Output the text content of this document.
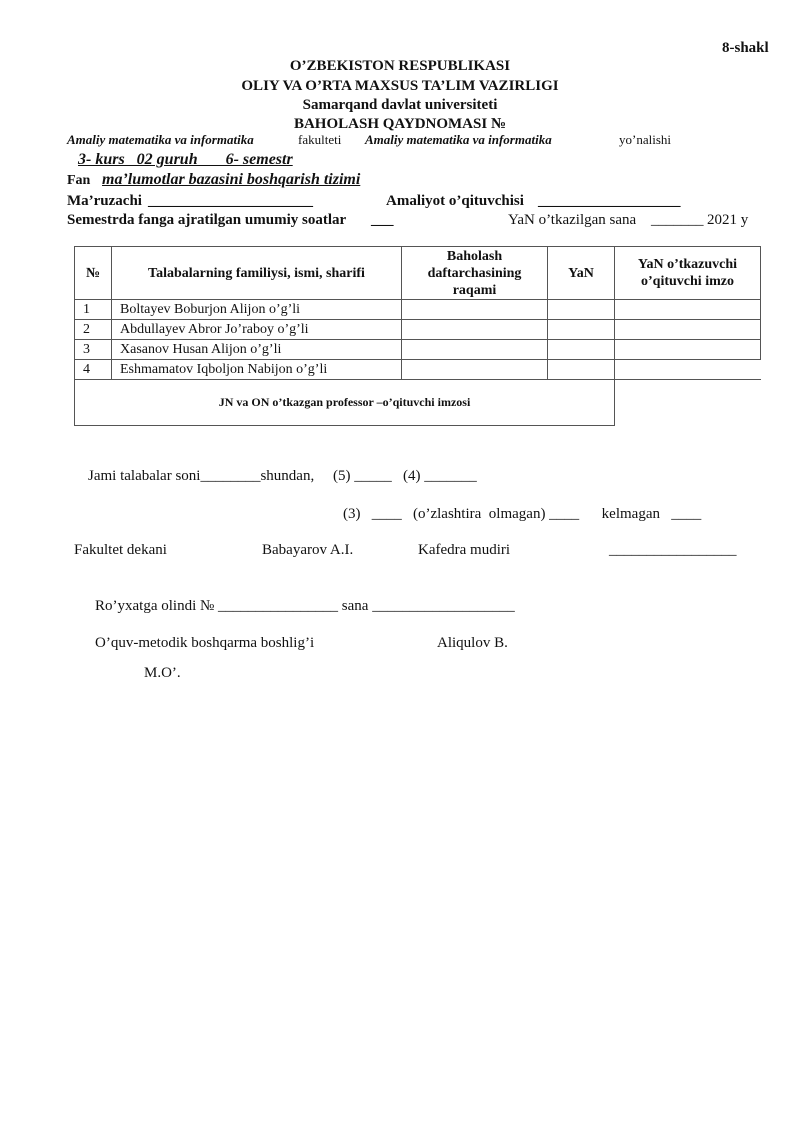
8-shakl
O’ZBEKISTON RESPUBLIKASI
OLIY VA O’RTA MAXSUS TA’LIM VAZIRLIGI
Samarqand davlat universiteti
BAHOLASH QAYDNOMASI №
Amaliy matematika va informatika	fakulteti Amaliy matematika va informatika	yo’nalishi
3- kurs   02 guruh       6- semestr
Fan ma’lumotlar bazasini boshqarish tizimi
Ma’ruzachi ______________________	Amaliyot o’qituvchisi ___________________
Semestrda fanga ajratilgan umumiy soatlar ___	YaN o’tkazilgan sana _______ 2021 y
№	Talabalarning familiysi, ismi, sharifi	Baholash daftarchasining raqami	YaN	YaN o’tkazuvchi o’qituvchi imzo
1	Boltayev Boburjon Alijon o’g’li			
2	Abdullayev Abror Jo’raboy o’g’li			
3	Xasanov Husan Alijon o’g’li			
4	Eshmamatov Iqboljon Nabijon o’g’li			
JN va ON o’tkazgan professor –o’qituvchi imzosi				
Jami talabalar soni________shundan,     (5) _____   (4) _______
(3)   ____   (o’zlashtira  olmagan) ____      kelmagan   ____
Fakultet dekani	Babayarov A.I.	Kafedra mudiri	_________________
Ro’yxatga olindi № ________________ sana ___________________
O’quv-metodik boshqarma boshlig’i	Aliqulov B.
M.O’.
